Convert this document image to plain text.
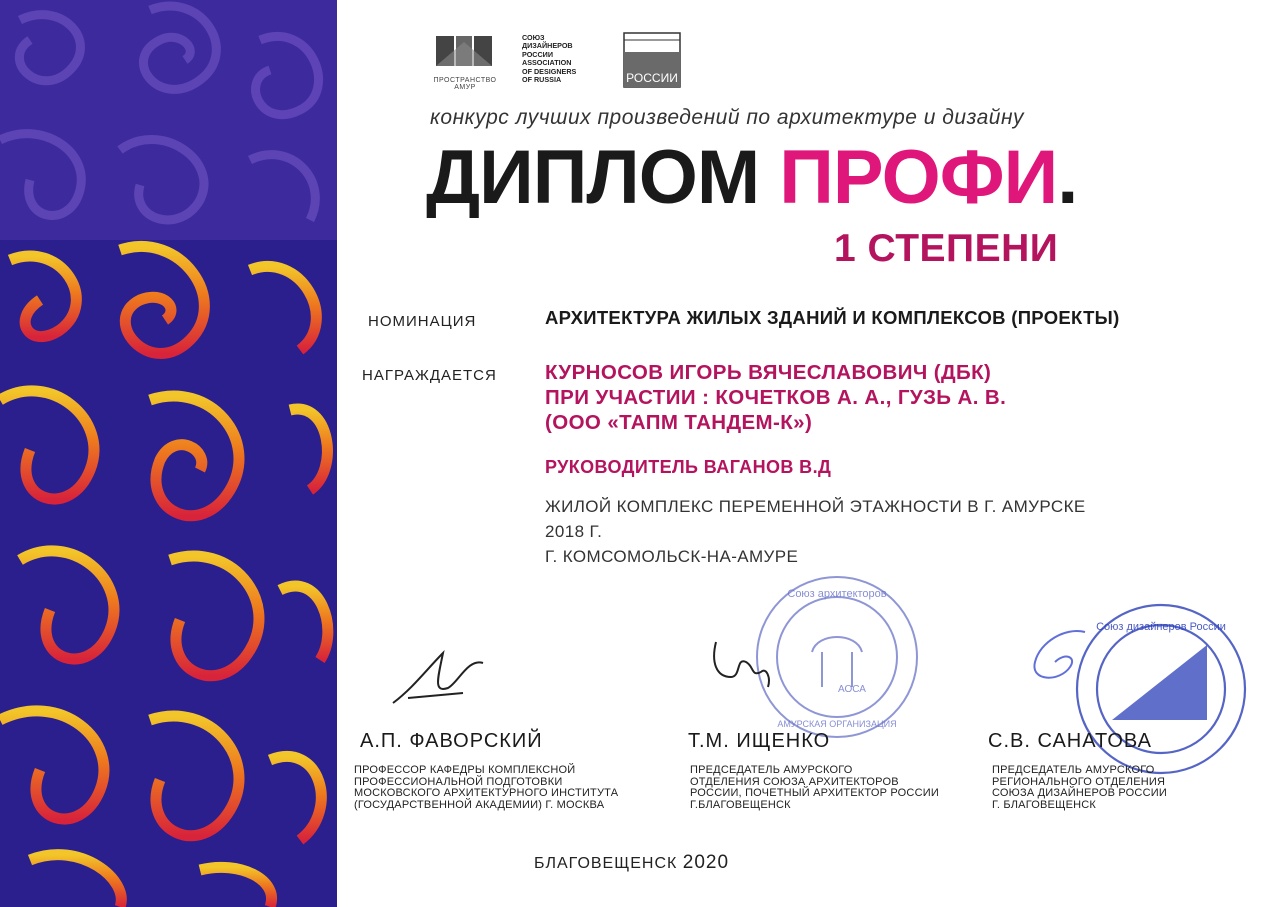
ПРОСТРАНСТВО АМУР
СОЮЗ
ДИЗАЙНЕРОВ
РОССИИ
ASSOCIATION
OF DESIGNERS
OF RUSSIA	РОССИИ
конкурс лучших произведений по архитектуре и дизайну
ДИПЛОМ ПРОФИ.
1 СТЕПЕНИ
НОМИНАЦИЯ	АРХИТЕКТУРА ЖИЛЫХ ЗДАНИЙ И КОМПЛЕКСОВ (ПРОЕКТЫ)
НАГРАЖДАЕТСЯ КУРНОСОВ ИГОРЬ ВЯЧЕСЛАВОВИЧ (ДБК)
ПРИ УЧАСТИИ : КОЧЕТКОВ А. А., ГУЗЬ А. В.
(ООО «ТАПМ ТАНДЕМ-К»)
РУКОВОДИТЕЛЬ ВАГАНОВ В.Д
ЖИЛОЙ КОМПЛЕКС ПЕРЕМЕННОЙ ЭТАЖНОСТИ В Г. АМУРСКЕ
2018 Г.
Г. КОМСОМОЛЬСК-НА-АМУРЕ
Союз архитекторов
АОСА
АМУРСКАЯ ОРГАНИЗАЦИЯ
Союз дизайнеров России
А.П. ФАВОРСКИЙ
ПРОФЕССОР КАФЕДРЫ КОМПЛЕКСНОЙ
ПРОФЕССИОНАЛЬНОЙ ПОДГОТОВКИ
МОСКОВСКОГО АРХИТЕКТУРНОГО ИНСТИТУТА
(ГОСУДАРСТВЕННОЙ АКАДЕМИИ) Г. МОСКВА
Т.М. ИЩЕНКО
ПРЕДСЕДАТЕЛЬ АМУРСКОГО
ОТДЕЛЕНИЯ СОЮЗА АРХИТЕКТОРОВ
РОССИИ, ПОЧЕТНЫЙ АРХИТЕКТОР РОССИИ
Г.БЛАГОВЕЩЕНСК
С.В. САНАТОВА
ПРЕДСЕДАТЕЛЬ АМУРСКОГО
РЕГИОНАЛЬНОГО ОТДЕЛЕНИЯ
СОЮЗА ДИЗАЙНЕРОВ РОССИИ
Г. БЛАГОВЕЩЕНСК
БЛАГОВЕЩЕНСК 2020
